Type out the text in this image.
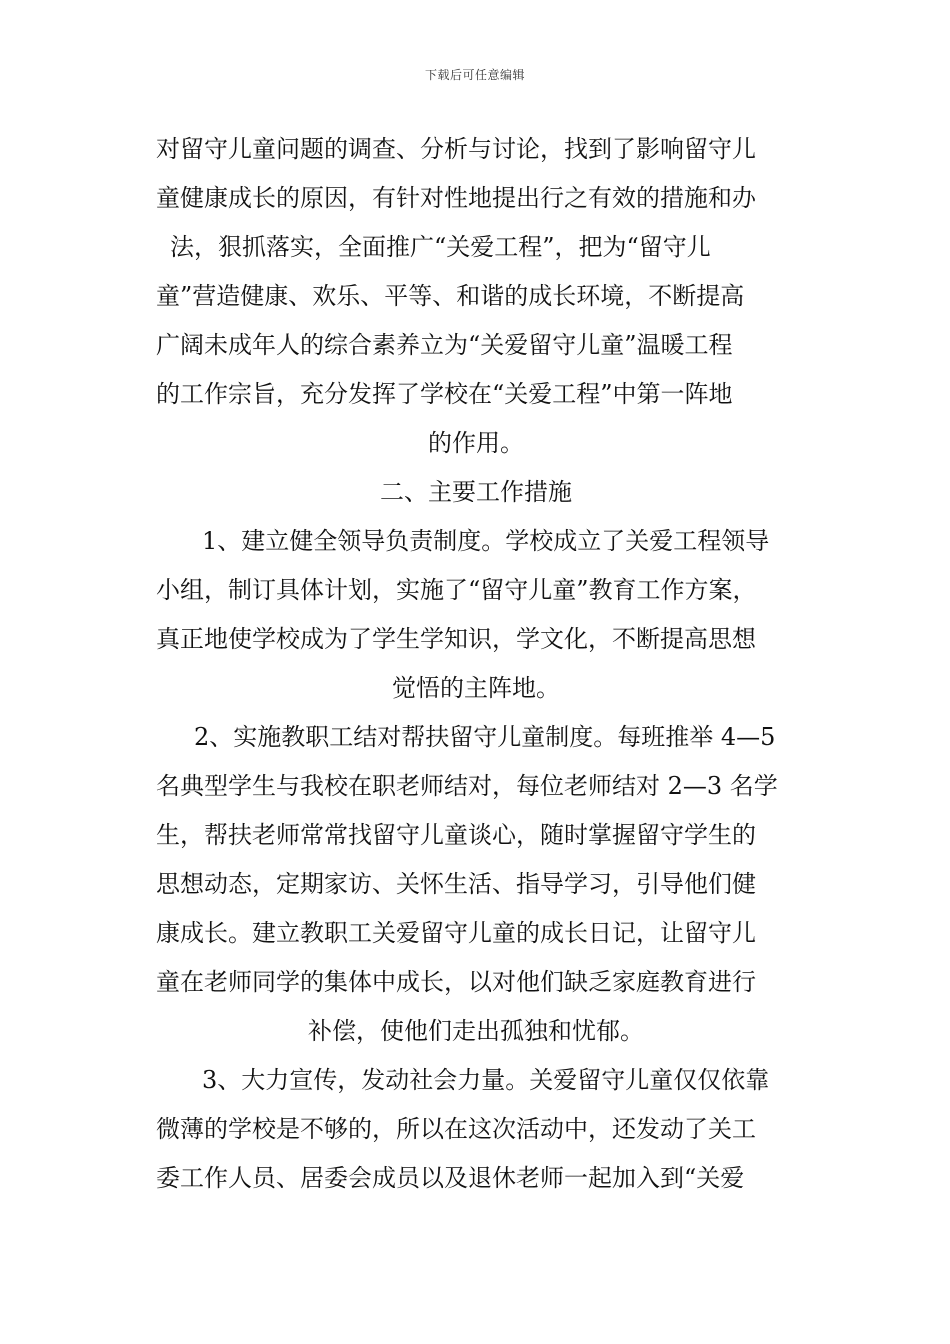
下载后可任意编辑
对留守儿童问题的调查、分析与讨论，找到了影响留守儿
童健康成长的原因，有针对性地提出行之有效的措施和办
法，狠抓落实，全面推广“关爱工程”，把为“留守儿
童”营造健康、欢乐、平等、和谐的成长环境，不断提高
广阔未成年人的综合素养立为“关爱留守儿童”温暖工程
的工作宗旨，充分发挥了学校在“关爱工程”中第一阵地
的作用。
二、主要工作措施
1、建立健全领导负责制度。学校成立了关爱工程领导
小组，制订具体计划，实施了“留守儿童”教育工作方案，
真正地使学校成为了学生学知识，学文化，不断提高思想
觉悟的主阵地。
2、实施教职工结对帮扶留守儿童制度。每班推举 4—5
名典型学生与我校在职老师结对，每位老师结对 2—3 名学
生，帮扶老师常常找留守儿童谈心，随时掌握留守学生的
思想动态，定期家访、关怀生活、指导学习，引导他们健
康成长。建立教职工关爱留守儿童的成长日记，让留守儿
童在老师同学的集体中成长，以对他们缺乏家庭教育进行
补偿，使他们走出孤独和忧郁。
3、大力宣传，发动社会力量。关爱留守儿童仅仅依靠
微薄的学校是不够的，所以在这次活动中，还发动了关工
委工作人员、居委会成员以及退休老师一起加入到“关爱
